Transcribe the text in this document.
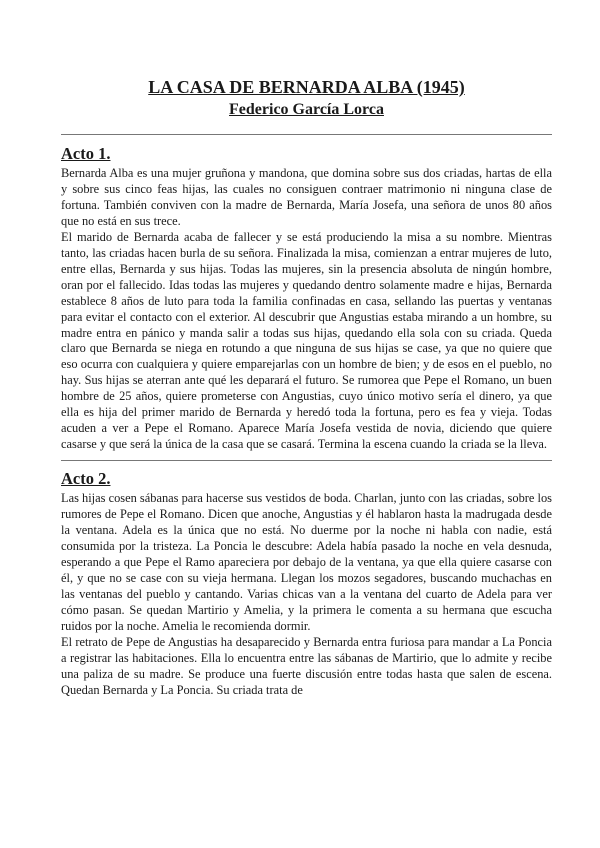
LA CASA DE BERNARDA ALBA (1945)
Federico García Lorca
Acto 1.

Bernarda Alba es una mujer gruñona y mandona, que domina sobre sus dos criadas, hartas de ella y sobre sus cinco feas hijas, las cuales no consiguen contraer matrimonio ni ninguna clase de fortuna. También conviven con la madre de Bernarda, María Josefa, una señora de unos 80 años que no está en sus trece.

El marido de Bernarda acaba de fallecer y se está produciendo la misa a su nombre. Mientras tanto, las criadas hacen burla de su señora. Finalizada la misa, comienzan a entrar mujeres de luto, entre ellas, Bernarda y sus hijas. Todas las mujeres, sin la presencia absoluta de ningún hombre, oran por el fallecido. Idas todas las mujeres y quedando dentro solamente madre e hijas, Bernarda establece 8 años de luto para toda la familia confinadas en casa, sellando las puertas y ventanas para evitar el contacto con el exterior. Al descubrir que Angustias estaba mirando a un hombre, su madre entra en pánico y manda salir a todas sus hijas, quedando ella sola con su criada. Queda claro que Bernarda se niega en rotundo a que ninguna de sus hijas se case, ya que no quiere que eso ocurra con cualquiera y quiere emparejarlas con un hombre de bien; y de esos en el pueblo, no hay. Sus hijas se aterran ante qué les deparará el futuro. Se rumorea que Pepe el Romano, un buen hombre de 25 años, quiere prometerse con Angustias, cuyo único motivo sería el dinero, ya que ella es hija del primer marido de Bernarda y heredó toda la fortuna, pero es fea y vieja. Todas acuden a ver a Pepe el Romano. Aparece María Josefa vestida de novia, diciendo que quiere casarse y que será la única de la casa que se casará. Termina la escena cuando la criada se la lleva.

Acto 2.

Las hijas cosen sábanas para hacerse sus vestidos de boda. Charlan, junto con las criadas, sobre los rumores de Pepe el Romano. Dicen que anoche, Angustias y él hablaron hasta la madrugada desde la ventana. Adela es la única que no está. No duerme por la noche ni habla con nadie, está consumida por la tristeza. La Poncia le descubre: Adela había pasado la noche en vela desnuda, esperando a que Pepe el Ramo apareciera por debajo de la ventana, ya que ella quiere casarse con él, y que no se case con su vieja hermana. Llegan los mozos segadores, buscando muchachas en las ventanas del pueblo y cantando. Varias chicas van a la ventana del cuarto de Adela para ver cómo pasan. Se quedan Martirio y Amelia, y la primera le comenta a su hermana que escucha ruidos por la noche. Amelia le recomienda dormir.

El retrato de Pepe de Angustias ha desaparecido y Bernarda entra furiosa para mandar a La Poncia a registrar las habitaciones. Ella lo encuentra entre las sábanas de Martirio, que lo admite y recibe una paliza de su madre. Se produce una fuerte discusión entre todas hasta que salen de escena. Quedan Bernarda y La Poncia. Su criada trata de
